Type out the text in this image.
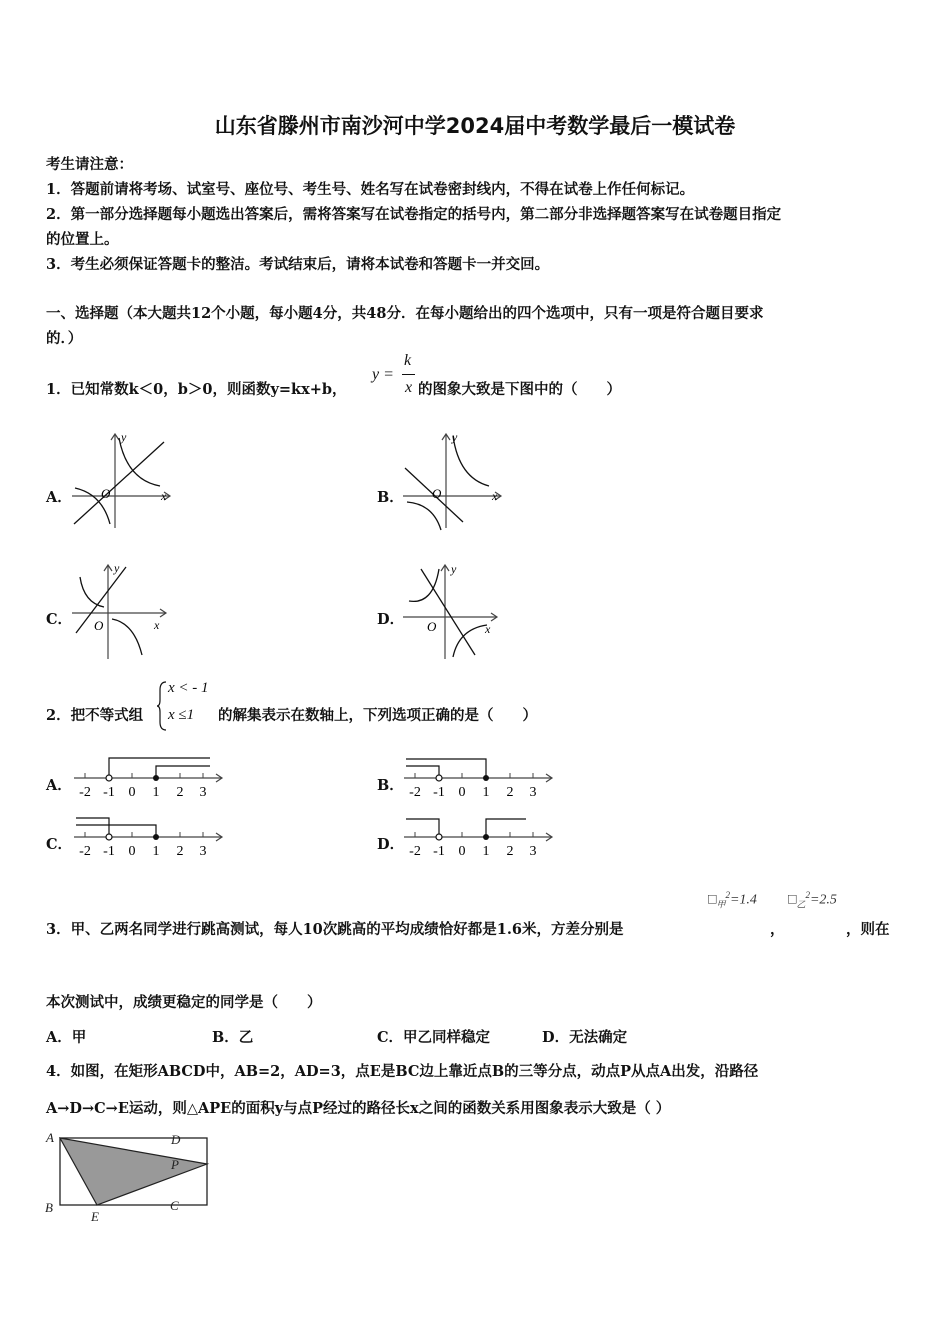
山东省滕州市南沙河中学2024届中考数学最后一模试卷
考生请注意：
1．答题前请将考场、试室号、座位号、考生号、姓名写在试卷密封线内，不得在试卷上作任何标记。
2．第一部分选择题每小题选出答案后，需将答案写在试卷指定的括号内，第二部分非选择题答案写在试卷题目指定
的位置上。
3．考生必须保证答题卡的整洁。考试结束后，请将本试卷和答题卡一并交回。
一、选择题（本大题共12个小题，每小题4分，共48分．在每小题给出的四个选项中，只有一项是符合题目要求
的．）
1．已知常数k＜0，b＞0，则函数y=kx+b，
y =
k
x 的图象大致是下图中的（　　）
A．	B．
C．	D．
x
y
O	x
y
O
x
y
O	x
y
O
2．把不等式组
x < - 1
x ≤1 的解集表示在数轴上，下列选项正确的是（　　）
A．	B．
C．	D．
-2 -1 0 1 2 3	-2 -1 0 1 2 3
-2 -1 0 1 2 3	-2 -1 0 1 2 3
$□_甲^2=1.4$ $□_乙^2=2.5$
3．甲、乙两名同学进行跳高测试，每人10次跳高的平均成绩恰好都是1.6米，方差分别是	，	，则在
本次测试中，成绩更稳定的同学是（　　）
A．甲	B．乙	C．甲乙同样稳定	D．无法确定
4．如图，在矩形ABCD中，AB=2，AD=3，点E是BC边上靠近点B的三等分点，动点P从点A出发，沿路径
A→D→C→E运动，则△APE的面积y与点P经过的路径长x之间的函数关系用图象表示大致是（ ）
A	D
P
B
E
C
